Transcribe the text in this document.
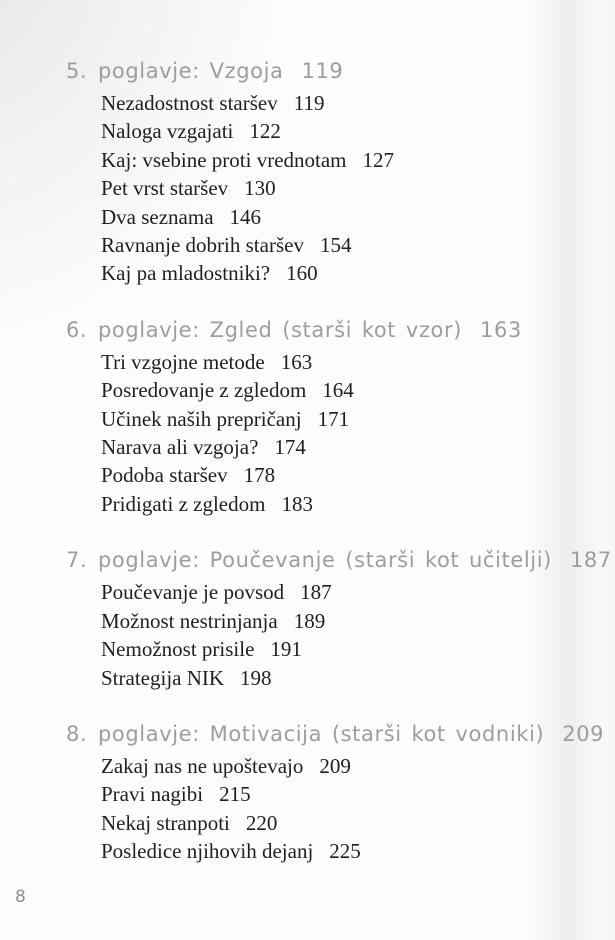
5. poglavje: Vzgoja 119
Nezadostnost staršev 119
Naloga vzgajati 122
Kaj: vsebine proti vrednotam 127
Pet vrst staršev 130
Dva seznama 146
Ravnanje dobrih staršev 154
Kaj pa mladostniki? 160
6. poglavje: Zgled (starši kot vzor) 163
Tri vzgojne metode 163
Posredovanje z zgledom 164
Učinek naših prepričanj 171
Narava ali vzgoja? 174
Podoba staršev 178
Pridigati z zgledom 183
7. poglavje: Poučevanje (starši kot učitelji) 187
Poučevanje je povsod 187
Možnost nestrinjanja 189
Nemožnost prisile 191
Strategija NIK 198
8. poglavje: Motivacija (starši kot vodniki) 209
Zakaj nas ne upoštevajo 209
Pravi nagibi 215
Nekaj stranpoti 220
Posledice njihovih dejanj 225
8
